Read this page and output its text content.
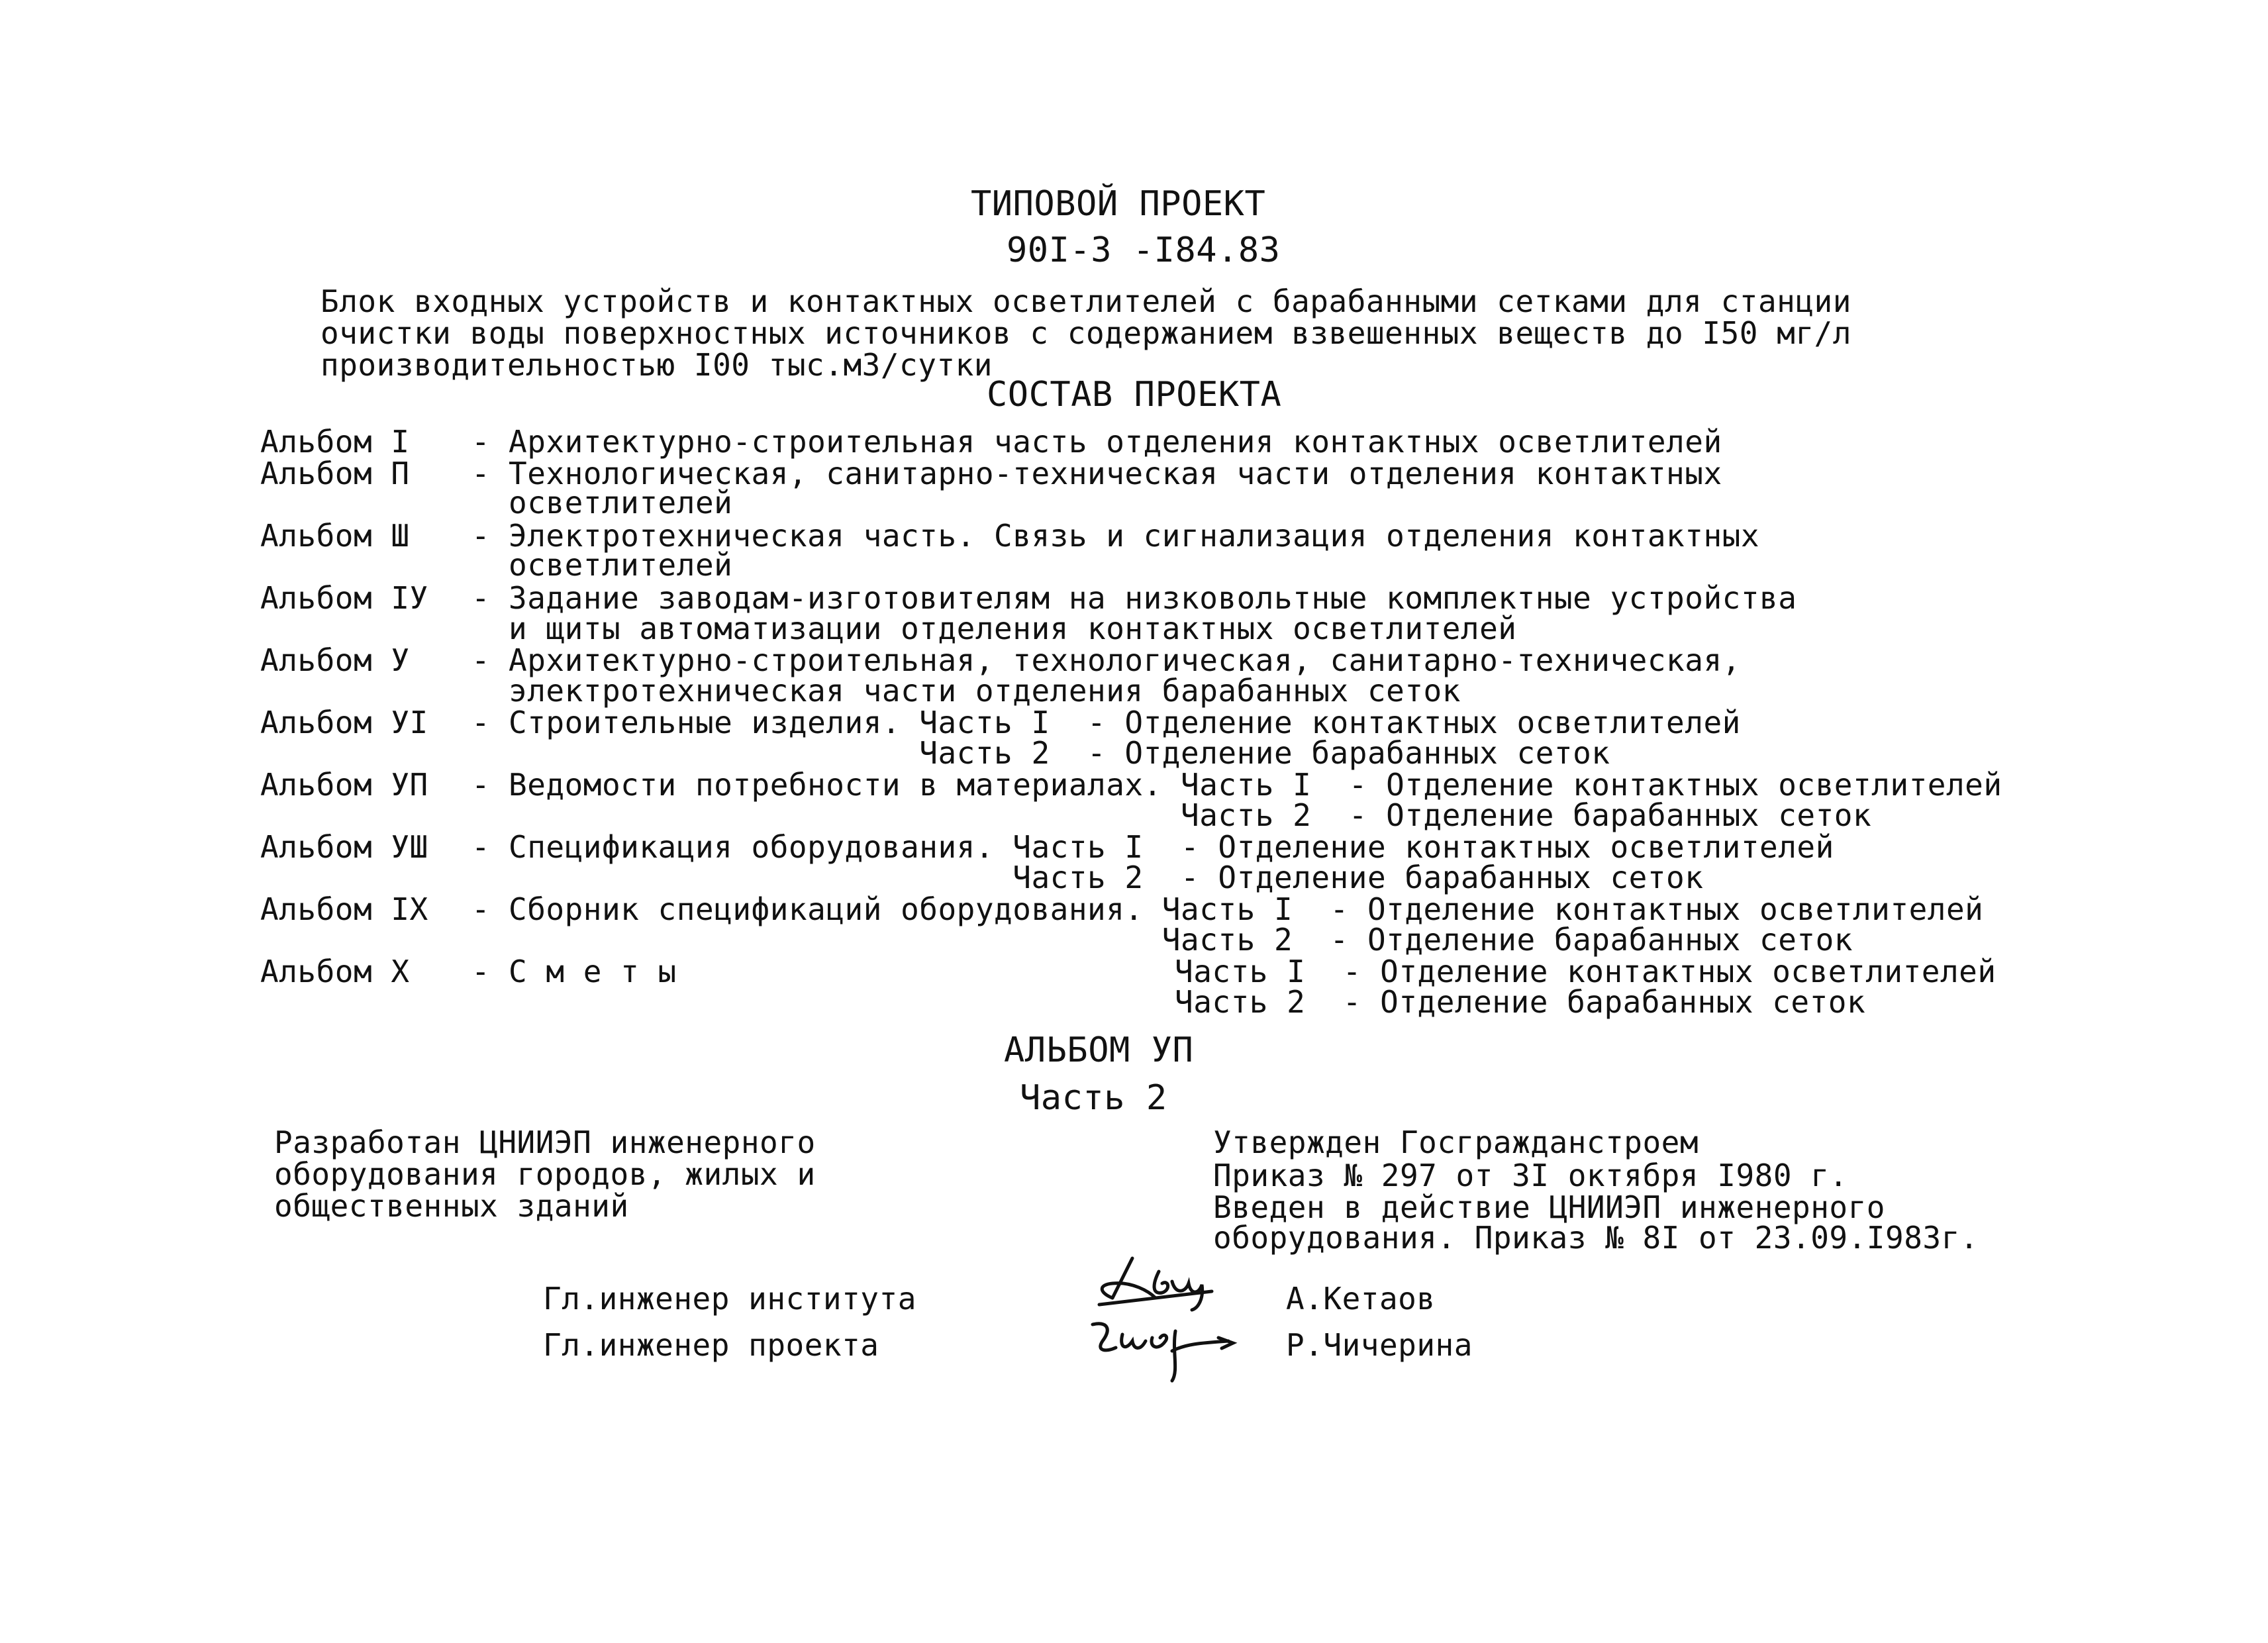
ТИПОВОЙ ПРОЕКТ
90I-3 -I84.83
Блок входных устройств и контактных осветлителей с барабанными сетками для станции
очистки воды поверхностных источников с содержанием взвешенных веществ до I50 мг/л
производительностью I00 тыс.м3/сутки
СОСТАВ ПРОЕКТА
Альбом I - Архитектурно-строительная часть отделения контактных осветлителей
Альбом П - Технологическая, санитарно-техническая части отделения контактных
осветлителей
Альбом Ш - Электротехническая часть. Связь и сигнализация отделения контактных
осветлителей
Альбом IУ - Задание заводам-изготовителям на низковольтные комплектные устройства
и щиты автоматизации отделения контактных осветлителей
Альбом У - Архитектурно-строительная, технологическая, санитарно-техническая,
электротехническая части отделения барабанных сеток
Альбом УI - Строительные изделия. Часть I  - Отделение контактных осветлителей
Часть 2  - Отделение барабанных сеток
Альбом УП - Ведомости потребности в материалах. Часть I  - Отделение контактных осветлителей
Часть 2  - Отделение барабанных сеток
Альбом УШ - Спецификация оборудования. Часть I  - Отделение контактных осветлителей
Часть 2  - Отделение барабанных сеток
Альбом IX - Сборник спецификаций оборудования. Часть I  - Отделение контактных осветлителей
Часть 2  - Отделение барабанных сеток
Альбом X - С м е т ы	Часть I  - Отделение контактных осветлителей
Часть 2  - Отделение барабанных сеток
АЛЬБОМ УП
Часть 2
Разработан ЦНИИЭП инженерного
оборудования городов, жилых и
общественных зданий
Утвержден Госгражданстроем
Приказ № 297 от 3I октября I980 г.
Введен в действие ЦНИИЭП инженерного
оборудования. Приказ № 8I от 23.09.I983г.
Гл.инженер института	А.Кетаов
Гл.инженер проекта	Р.Чичерина
